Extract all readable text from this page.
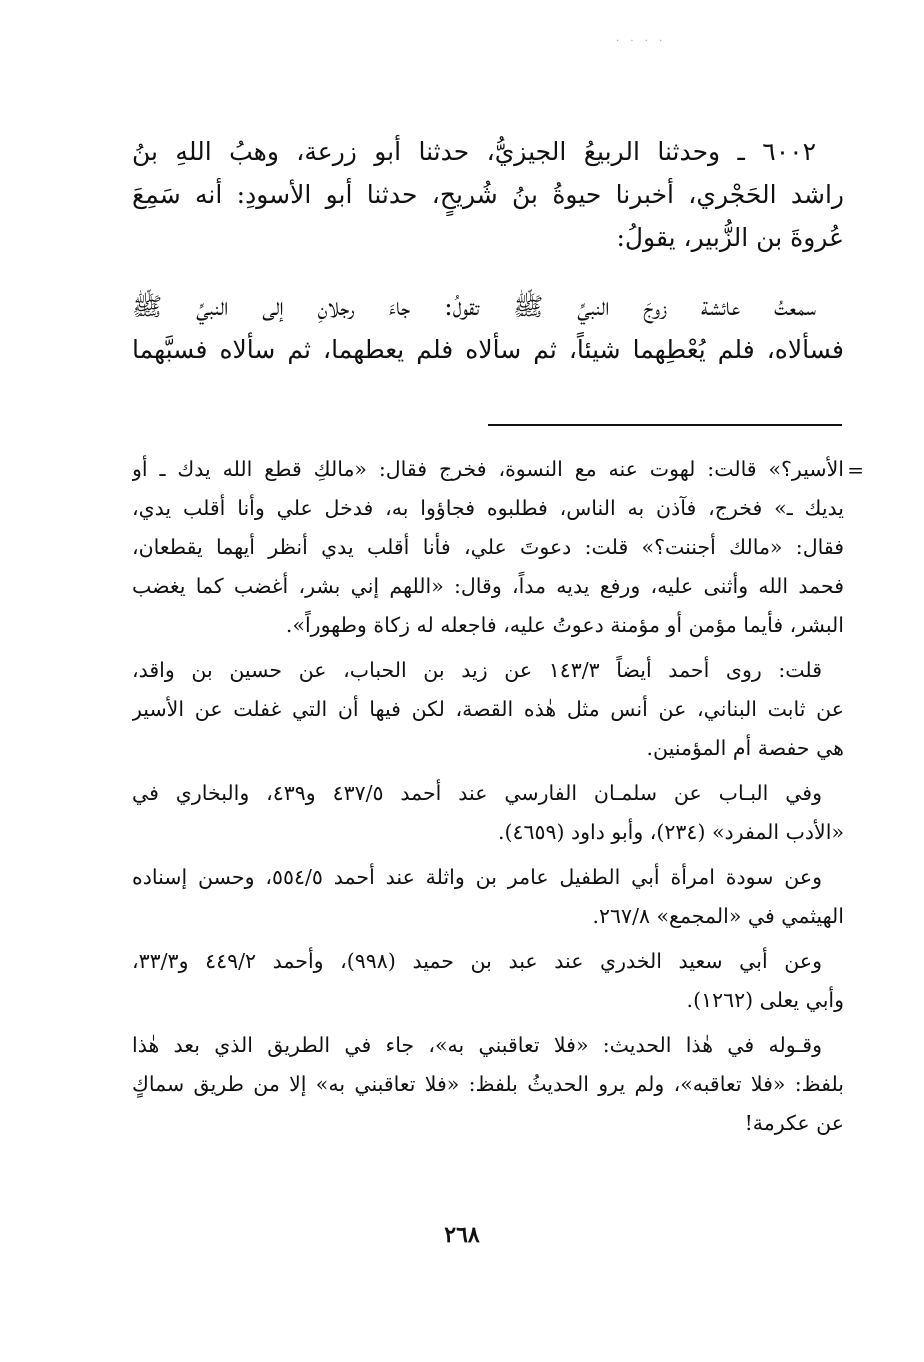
· · · ·
٦٠٠٢ ـ وحدثنا الربيعُ الجيزيُّ، حدثنا أبو زرعة، وهبُ اللهِ بنُ
راشد الحَجْري، أخبرنا حيوةُ بنُ شُريحٍ، حدثنا أبو الأسودِ: أنه سَمِعَ
عُروةَ بن الزُّبير، يقولُ:
سمعتُ عائشة زوجَ النبيِّ ﷺ تقولُ: جاءَ رجلانِ إلى النبيِّ ﷺ
فسألاه، فلم يُعْطِهما شيئاً، ثم سألاه فلم يعطهما، ثم سألاه فسبَّهما
=
الأسير؟» قالت: لهوت عنه مع النسوة، فخرج فقال: «مالكِ قطع الله يدك ـ أو
يديك ـ» فخرج، فآذن به الناس، فطلبوه فجاؤوا به، فدخل علي وأنا أقلب يدي،
فقال: «مالك أجننت؟» قلت: دعوتَ علي، فأنا أقلب يدي أنظر أيهما يقطعان،
فحمد الله وأثنى عليه، ورفع يديه مداً، وقال: «اللهم إني بشر، أغضب كما يغضب
البشر، فأيما مؤمن أو مؤمنة دعوتُ عليه، فاجعله له زكاة وطهوراً».
قلت: روى أحمد أيضاً ١٤٣/٣ عن زيد بن الحباب، عن حسين بن واقد،
عن ثابت البناني، عن أنس مثل هٰذه القصة، لكن فيها أن التي غفلت عن الأسير
هي حفصة أم المؤمنين.
وفي البـاب عن سلمـان الفارسي عند أحمد ٤٣٧/٥ و٤٣٩، والبخاري في
«الأدب المفرد» (٢٣٤)، وأبو داود (٤٦٥٩).
وعن سودة امرأة أبي الطفيل عامر بن واثلة عند أحمد ٥٥٤/٥، وحسن إسناده
الهيثمي في «المجمع» ٢٦٧/٨.
وعن أبي سعيد الخدري عند عبد بن حميد (٩٩٨)، وأحمد ٤٤٩/٢ و٣٣/٣،
وأبي يعلى (١٢٦٢).
وقـوله في هٰذا الحديث: «فلا تعاقبني به»، جاء في الطريق الذي بعد هٰذا
بلفظ: «فلا تعاقبه»، ولم يرو الحديثُ بلفظ: «فلا تعاقبني به» إلا من طريق سماكٍ
عن عكرمة!
٢٦٨
